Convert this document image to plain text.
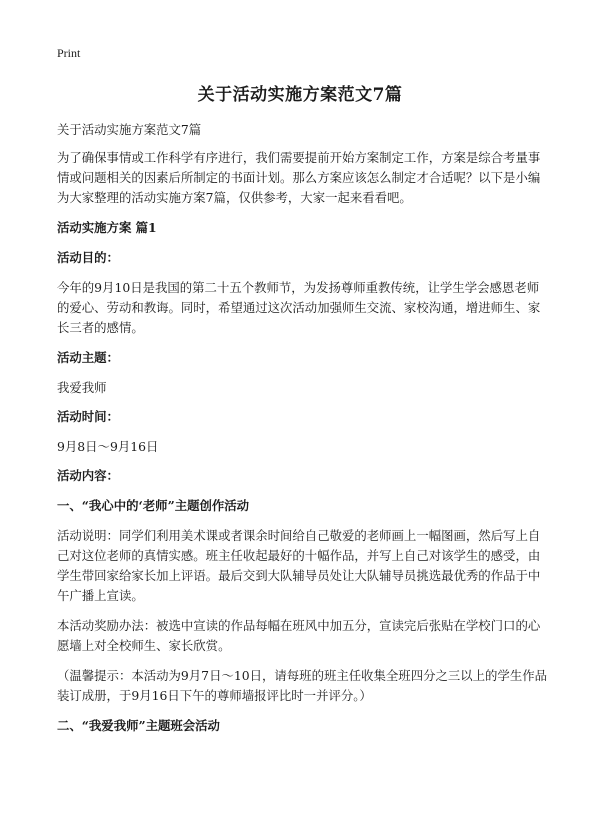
Print
关于活动实施方案范文7篇

关于活动实施方案范文7篇

为了确保事情或工作科学有序进行，我们需要提前开始方案制定工作，方案是综合考量事情或问题相关的因素后所制定的书面计划。那么方案应该怎么制定才合适呢？以下是小编为大家整理的活动实施方案7篇，仅供参考，大家一起来看看吧。

活动实施方案 篇1

活动目的：

今年的9月10日是我国的第二十五个教师节，为发扬尊师重教传统，让学生学会感恩老师的爱心、劳动和教诲。同时，希望通过这次活动加强师生交流、家校沟通，增进师生、家长三者的感情。

活动主题：

我爱我师

活动时间：

9月8日～9月16日

活动内容：

一、“我心中的‘老师”主题创作活动

活动说明：同学们利用美术课或者课余时间给自己敬爱的老师画上一幅图画，然后写上自己对这位老师的真情实感。班主任收起最好的十幅作品，并写上自己对该学生的感受，由学生带回家给家长加上评语。最后交到大队辅导员处让大队辅导员挑选最优秀的作品于中午广播上宣读。

本活动奖励办法：被选中宣读的作品每幅在班风中加五分，宣读完后张贴在学校门口的心愿墙上对全校师生、家长欣赏。

（温馨提示：本活动为9月7日～10日，请每班的班主任收集全班四分之三以上的学生作品装订成册，于9月16日下午的尊师墙报评比时一并评分。）

二、“我爱我师”主题班会活动
